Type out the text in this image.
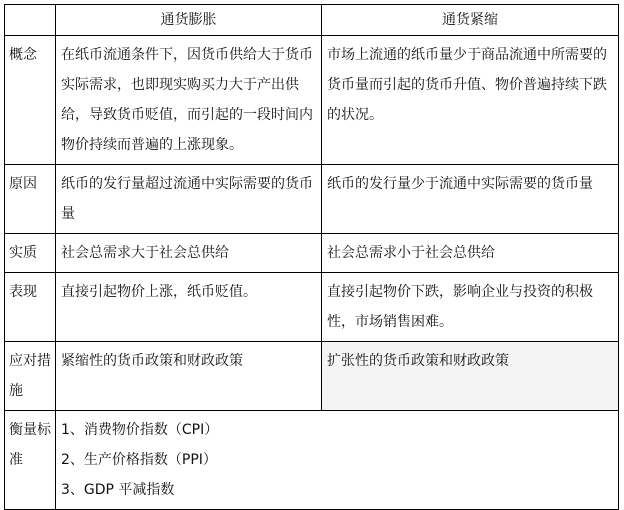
	通货膨胀	通货紧缩
概念	在纸币流通条件下，因货币供给大于货币实际需求，也即现实购买力大于产出供给，导致货币贬值，而引起的一段时间内物价持续而普遍的上涨现象。	市场上流通的纸币量少于商品流通中所需要的货币量而引起的货币升值、物价普遍持续下跌的状况。
原因	纸币的发行量超过流通中实际需要的货币量	纸币的发行量少于流通中实际需要的货币量
实质	社会总需求大于社会总供给	社会总需求小于社会总供给
表现	直接引起物价上涨，纸币贬值。	直接引起物价下跌，影响企业与投资的积极性，市场销售困难。
应对措施	紧缩性的货币政策和财政政策	扩张性的货币政策和财政政策
衡量标准	1、消费物价指数（CPI）
2、生产价格指数（PPI）
3、GDP 平减指数	
